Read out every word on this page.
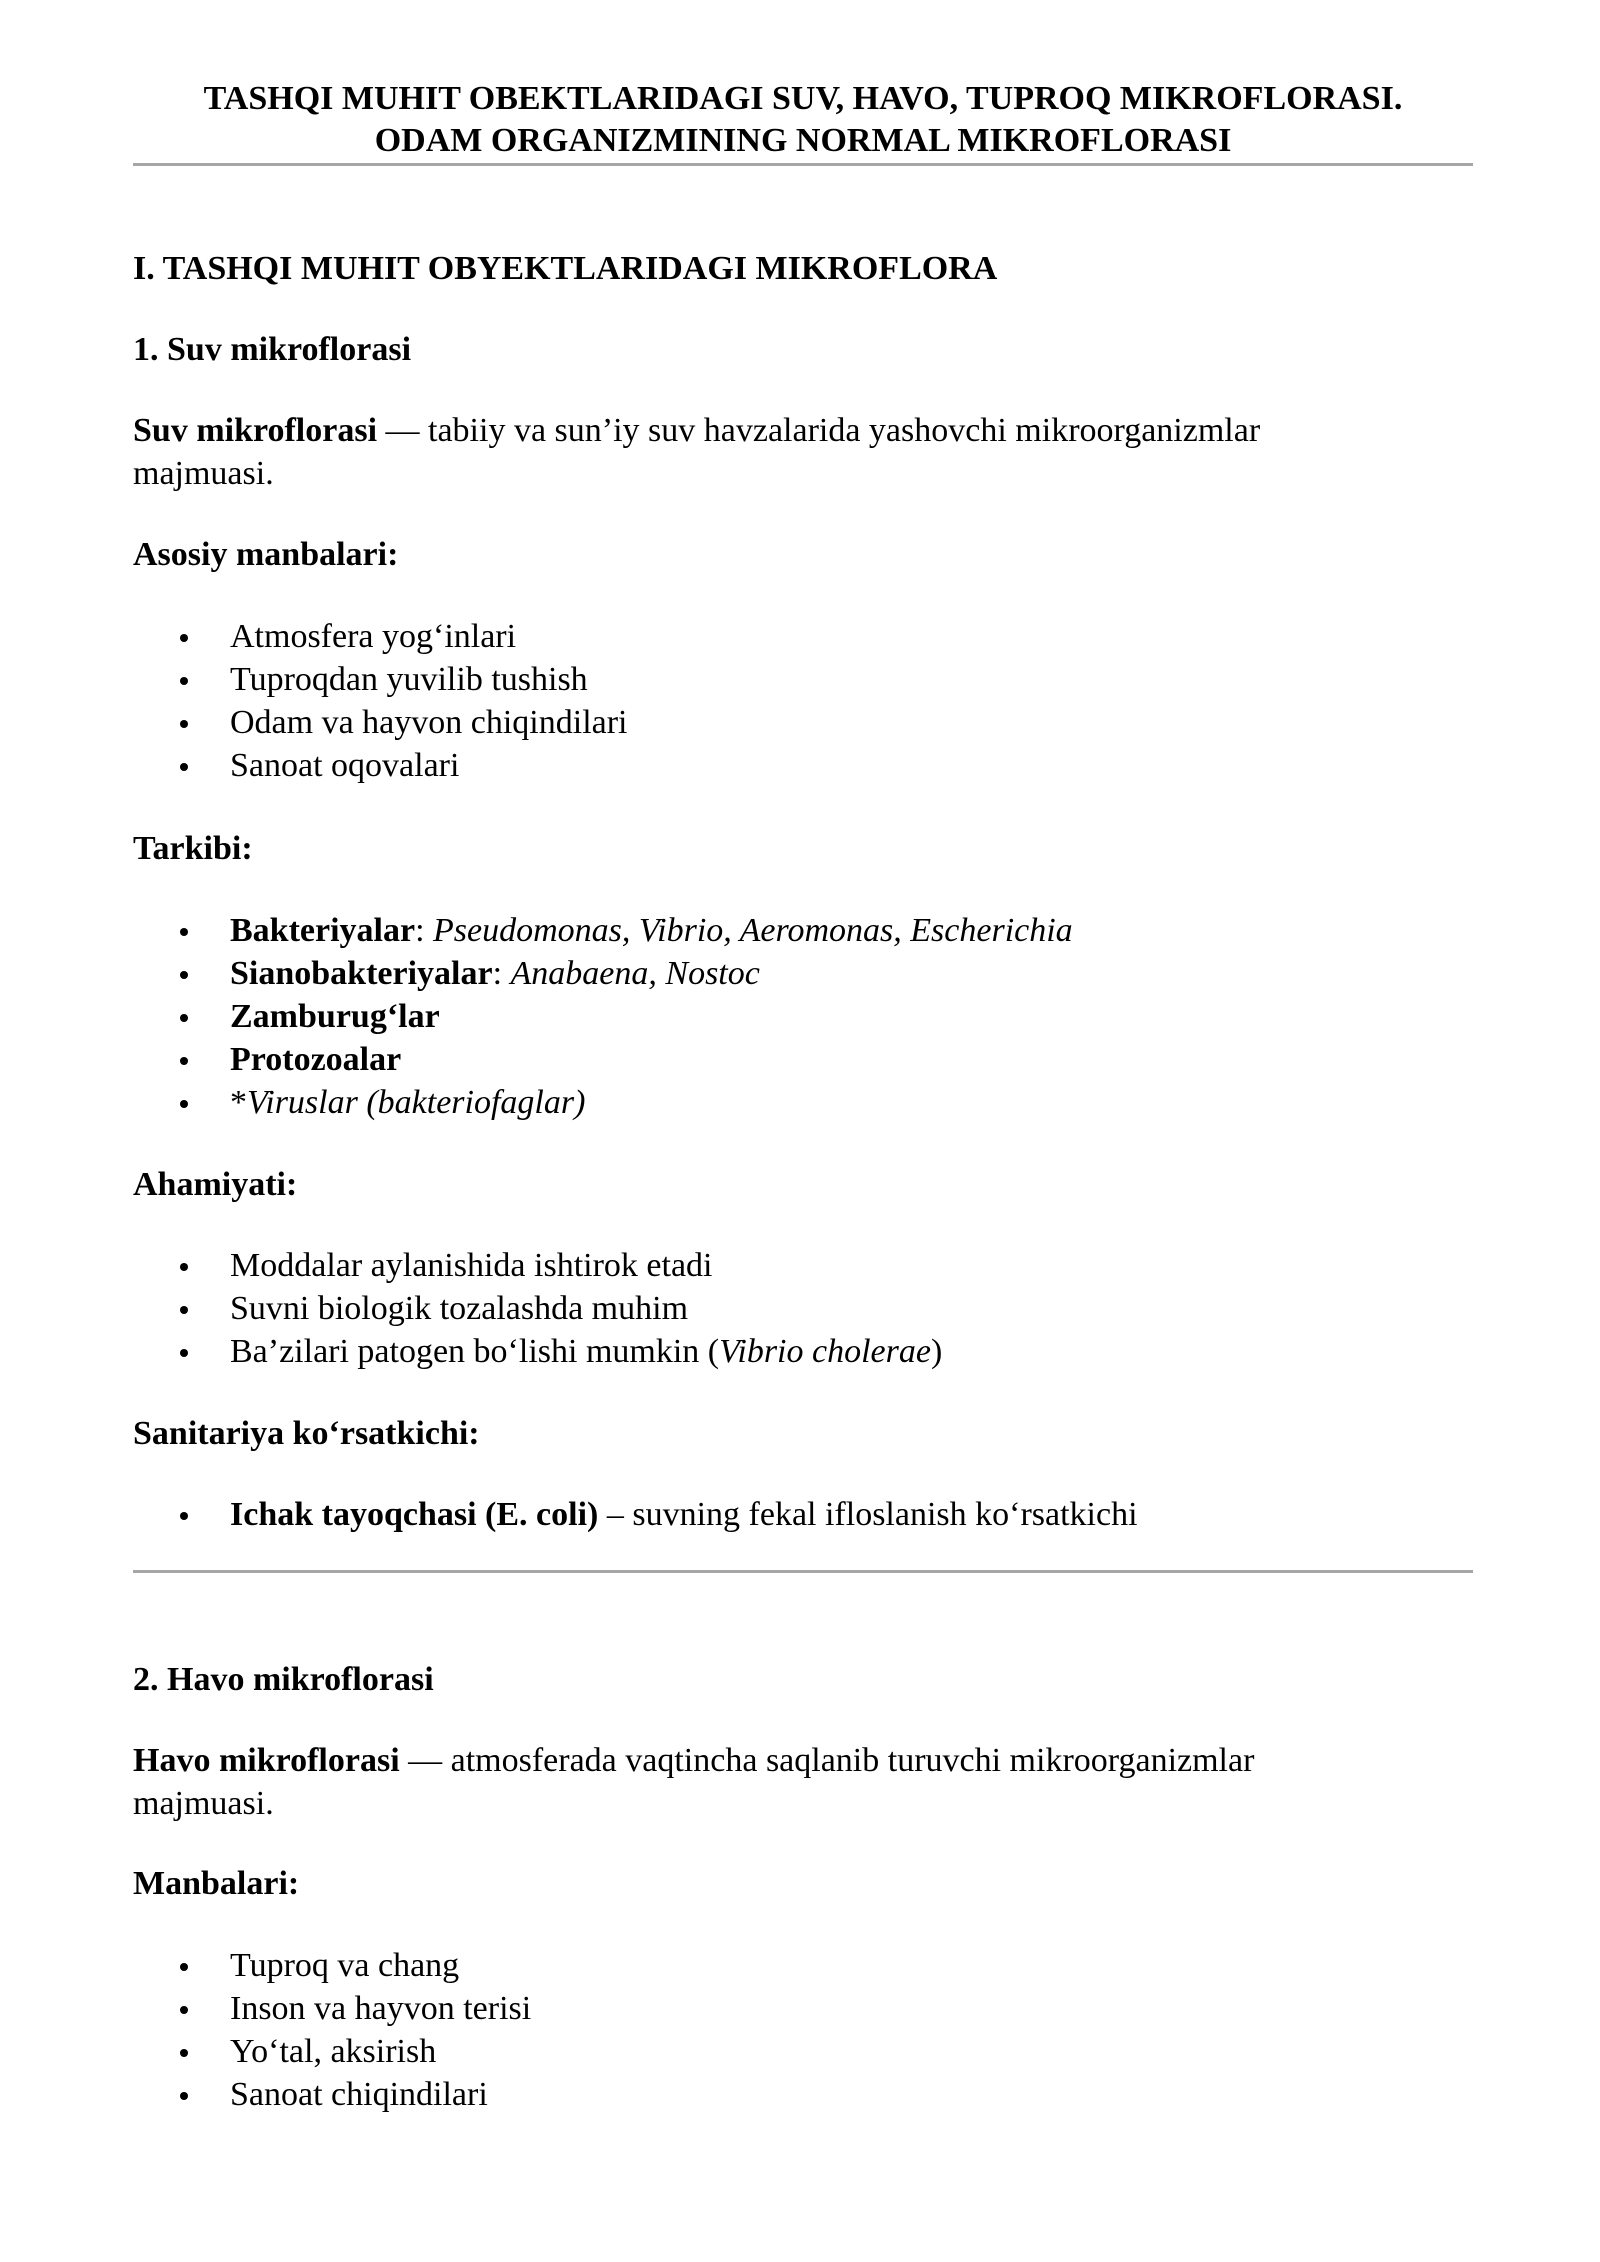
TASHQI MUHIT OBEKTLARIDAGI SUV, HAVO, TUPROQ MIKROFLORASI.
ODAM ORGANIZMINING NORMAL MIKROFLORASI
I. TASHQI MUHIT OBYEKTLARIDAGI MIKROFLORA
1. Suv mikroflorasi
Suv mikroflorasi — tabiiy va sun’iy suv havzalarida yashovchi mikroorganizmlar
majmuasi.
Asosiy manbalari:
Atmosfera yog‘inlari
Tuproqdan yuvilib tushish
Odam va hayvon chiqindilari
Sanoat oqovalari
Tarkibi:
Bakteriyalar: Pseudomonas, Vibrio, Aeromonas, Escherichia
Sianobakteriyalar: Anabaena, Nostoc
Zamburug‘lar
Protozoalar
*Viruslar (bakteriofaglar)
Ahamiyati:
Moddalar aylanishida ishtirok etadi
Suvni biologik tozalashda muhim
Ba’zilari patogen bo‘lishi mumkin (Vibrio cholerae)
Sanitariya ko‘rsatkichi:
Ichak tayoqchasi (E. coli) – suvning fekal ifloslanish ko‘rsatkichi
2. Havo mikroflorasi
Havo mikroflorasi — atmosferada vaqtincha saqlanib turuvchi mikroorganizmlar
majmuasi.
Manbalari:
Tuproq va chang
Inson va hayvon terisi
Yo‘tal, aksirish
Sanoat chiqindilari
